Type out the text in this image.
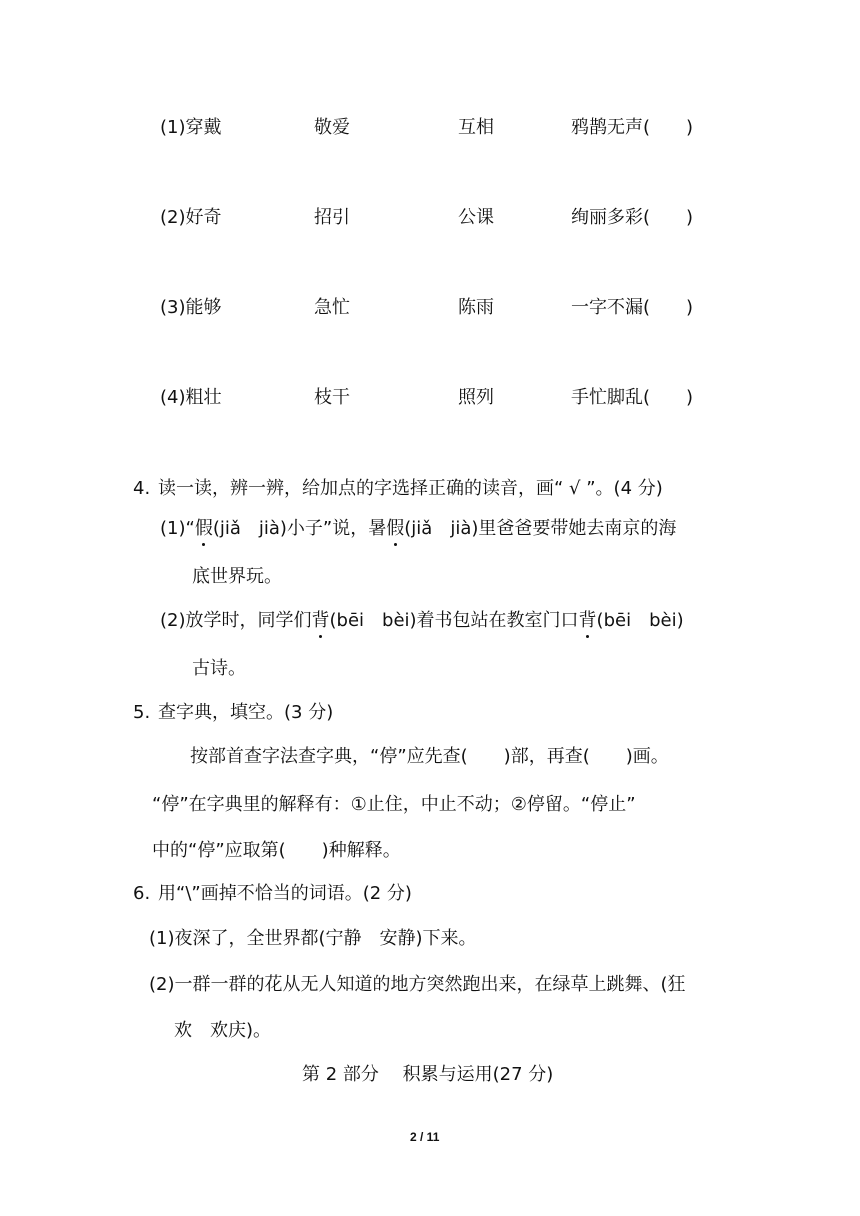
(1)穿戴	敬爱	互相	鸦鹊无声(　　)
(2)好奇	招引	公课	绚丽多彩(　　)
(3)能够	急忙	陈雨	一字不漏(　　)
(4)粗壮	枝干	照列	手忙脚乱(　　)
4. 读一读，辨一辨，给加点的字选择正确的读音，画“ √ ”。(4 分)
(1)“假(jiǎ　jià)小子”说，暑假(jiǎ　jià)里爸爸要带她去南京的海
底世界玩。
(2)放学时，同学们背(bēi　bèi)着书包站在教室门口背(bēi　bèi)
古诗。
5. 查字典，填空。(3 分)
按部首查字法查字典，“停”应先查(　　)部，再查(　　)画。
“停”在字典里的解释有：①止住，中止不动；②停留。“停止”
中的“停”应取第(　　)种解释。
6. 用“\”画掉不恰当的词语。(2 分)
(1)夜深了，全世界都(宁静　安静)下来。
(2)一群一群的花从无人知道的地方突然跑出来，在绿草上跳舞、(狂
欢　欢庆)。
第 2 部分　 积累与运用(27 分)
2 / 11
